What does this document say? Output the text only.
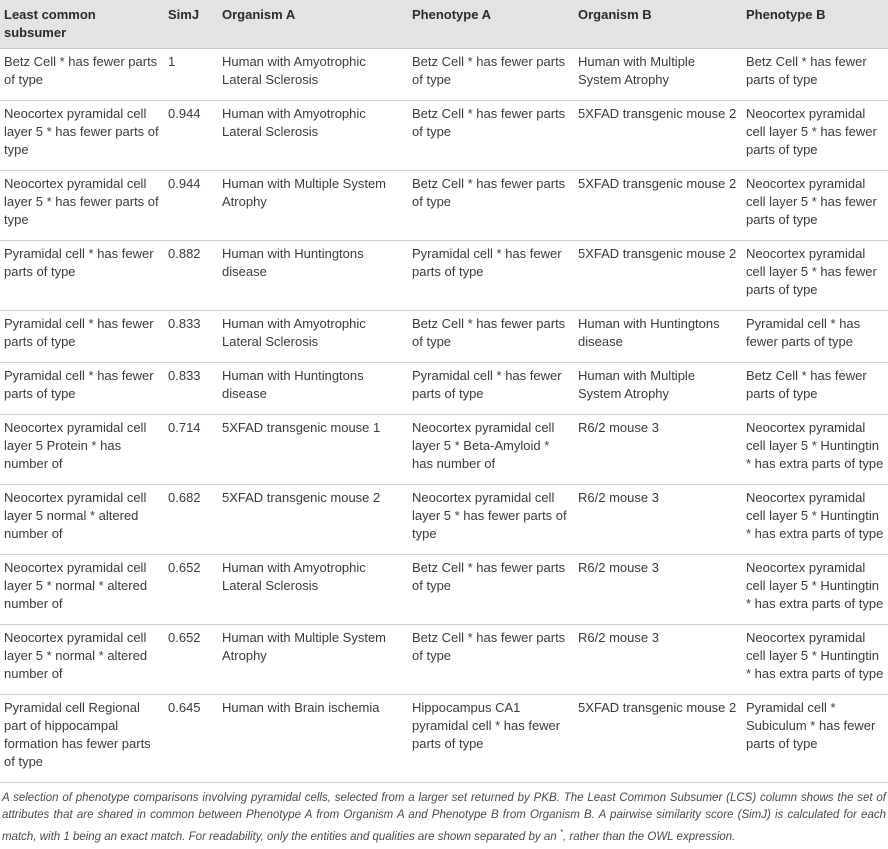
Least common subsumer	SimJ	Organism A	Phenotype A	Organism B	Phenotype B
Betz Cell * has fewer parts of type	1	Human with Amyotrophic Lateral Sclerosis	Betz Cell * has fewer parts of type	Human with Multiple System Atrophy	Betz Cell * has fewer parts of type
Neocortex pyramidal cell layer 5 * has fewer parts of type	0.944	Human with Amyotrophic Lateral Sclerosis	Betz Cell * has fewer parts of type	5XFAD transgenic mouse 2	Neocortex pyramidal cell layer 5 * has fewer parts of type
Neocortex pyramidal cell layer 5 * has fewer parts of type	0.944	Human with Multiple System Atrophy	Betz Cell * has fewer parts of type	5XFAD transgenic mouse 2	Neocortex pyramidal cell layer 5 * has fewer parts of type
Pyramidal cell * has fewer parts of type	0.882	Human with Huntingtons disease	Pyramidal cell * has fewer parts of type	5XFAD transgenic mouse 2	Neocortex pyramidal cell layer 5 * has fewer parts of type
Pyramidal cell * has fewer parts of type	0.833	Human with Amyotrophic Lateral Sclerosis	Betz Cell * has fewer parts of type	Human with Huntingtons disease	Pyramidal cell * has fewer parts of type
Pyramidal cell * has fewer parts of type	0.833	Human with Huntingtons disease	Pyramidal cell * has fewer parts of type	Human with Multiple System Atrophy	Betz Cell * has fewer parts of type
Neocortex pyramidal cell layer 5 Protein * has number of	0.714	5XFAD transgenic mouse 1	Neocortex pyramidal cell layer 5 * Beta-Amyloid * has number of	R6/2 mouse 3	Neocortex pyramidal cell layer 5 * Huntingtin * has extra parts of type
Neocortex pyramidal cell layer 5 normal * altered number of	0.682	5XFAD transgenic mouse 2	Neocortex pyramidal cell layer 5 * has fewer parts of type	R6/2 mouse 3	Neocortex pyramidal cell layer 5 * Huntingtin * has extra parts of type
Neocortex pyramidal cell layer 5 * normal * altered number of	0.652	Human with Amyotrophic Lateral Sclerosis	Betz Cell * has fewer parts of type	R6/2 mouse 3	Neocortex pyramidal cell layer 5 * Huntingtin * has extra parts of type
Neocortex pyramidal cell layer 5 * normal * altered number of	0.652	Human with Multiple System Atrophy	Betz Cell * has fewer parts of type	R6/2 mouse 3	Neocortex pyramidal cell layer 5 * Huntingtin * has extra parts of type
Pyramidal cell Regional part of hippocampal formation has fewer parts of type	0.645	Human with Brain ischemia	Hippocampus CA1 pyramidal cell * has fewer parts of type	5XFAD transgenic mouse 2	Pyramidal cell * Subiculum * has fewer parts of type
A selection of phenotype comparisons involving pyramidal cells, selected from a larger set returned by PKB. The Least Common Subsumer (LCS) column shows the set of attributes that are shared in common between Phenotype A from Organism A and Phenotype B from Organism B. A pairwise similarity score (SimJ) is calculated for each match, with 1 being an exact match. For readability, only the entities and qualities are shown separated by an *, rather than the OWL expression.
